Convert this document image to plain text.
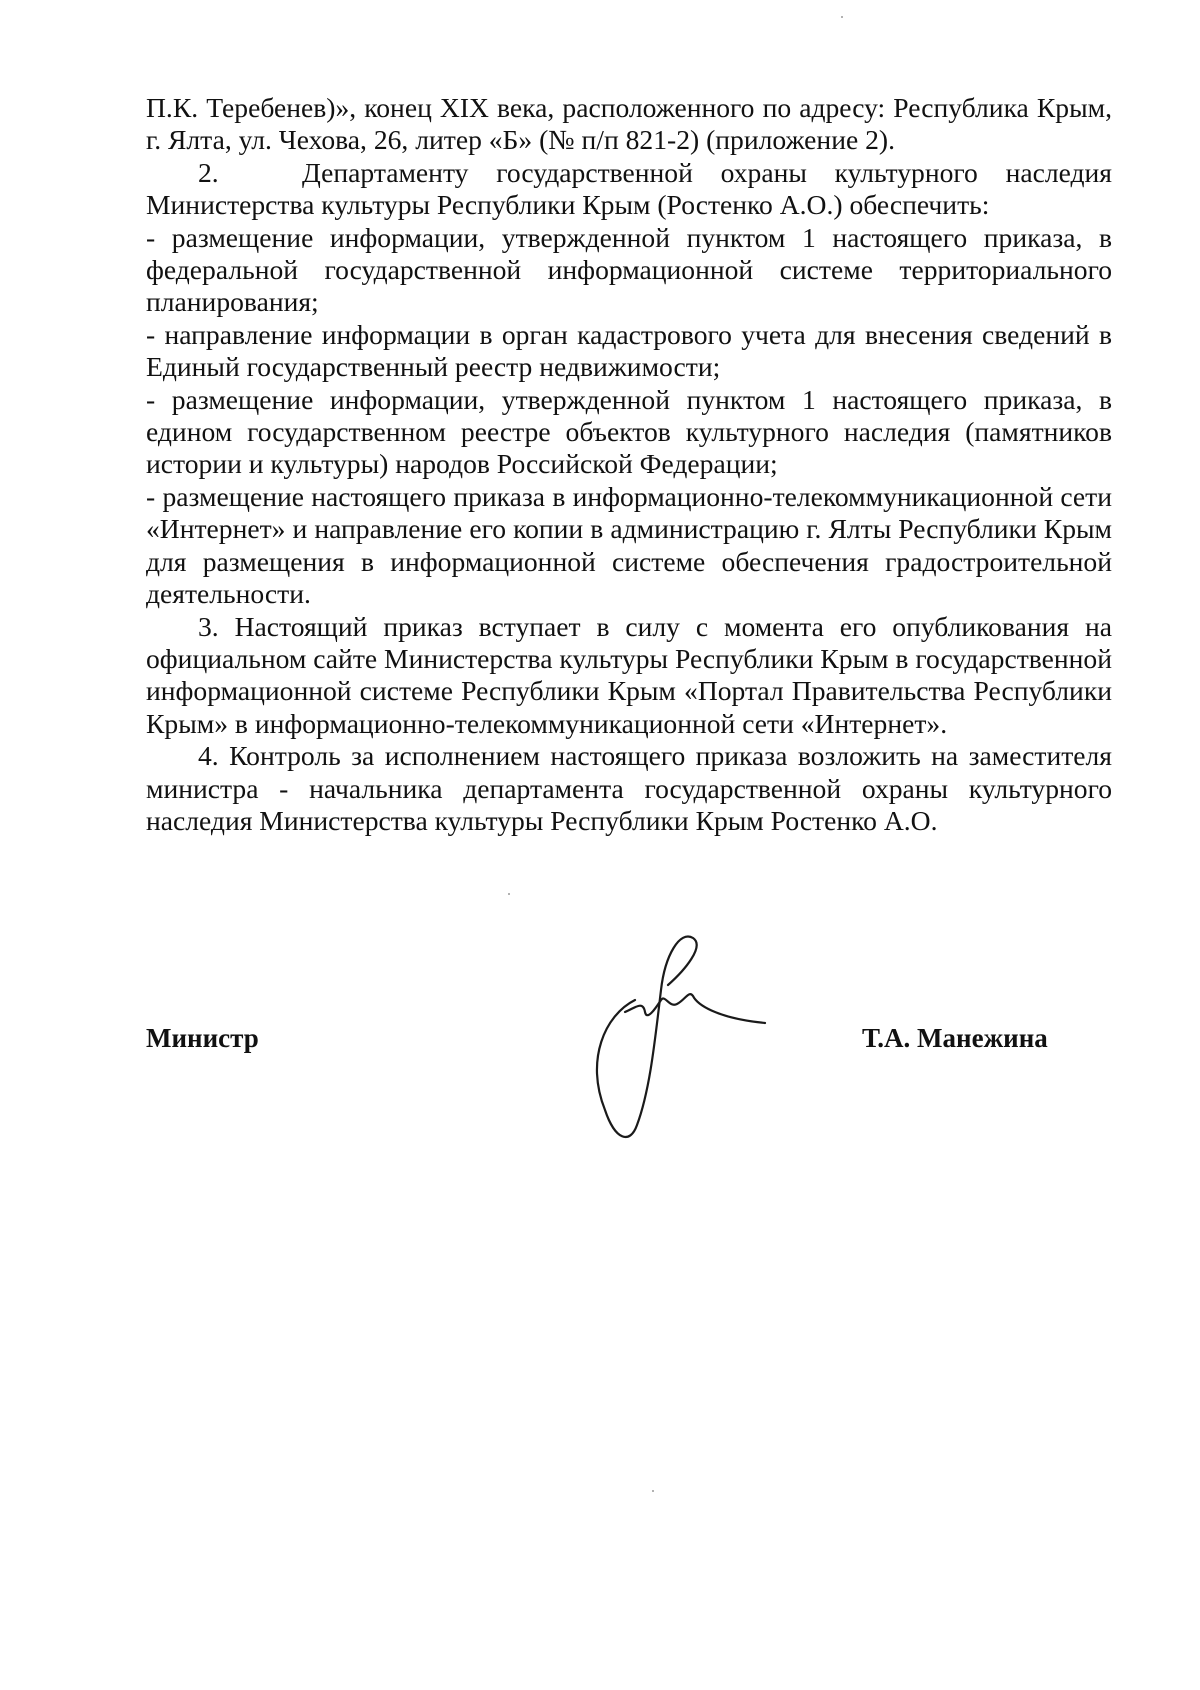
П.К. Теребенев)», конец XIX века, расположенного по адресу: Республика Крым, г. Ялта, ул. Чехова, 26, литер «Б» (№ п/п 821-2) (приложение 2).

2.   Департаменту государственной охраны культурного наследия Министерства культуры Республики Крым (Ростенко А.О.) обеспечить:

- размещение информации, утвержденной пунктом 1 настоящего приказа, в федеральной государственной информационной системе территориального планирования;

- направление информации в орган кадастрового учета для внесения сведений в Единый государственный реестр недвижимости;

- размещение информации, утвержденной пунктом 1 настоящего приказа, в едином государственном реестре объектов культурного наследия (памятников истории и культуры) народов Российской Федерации;

- размещение настоящего приказа в информационно-телекоммуникационной сети «Интернет» и направление его копии в администрацию г. Ялты Республики Крым для размещения в информационной системе обеспечения градостроительной деятельности.

3. Настоящий приказ вступает в силу с момента его опубликования на официальном сайте Министерства культуры Республики Крым в государственной информационной системе Республики Крым «Портал Правительства Республики Крым» в информационно-телекоммуникационной сети «Интернет».

4. Контроль за исполнением настоящего приказа возложить на заместителя министра - начальника департамента государственной охраны культурного наследия Министерства культуры Республики Крым Ростенко А.О.

Министр	Т.А. Манежина
